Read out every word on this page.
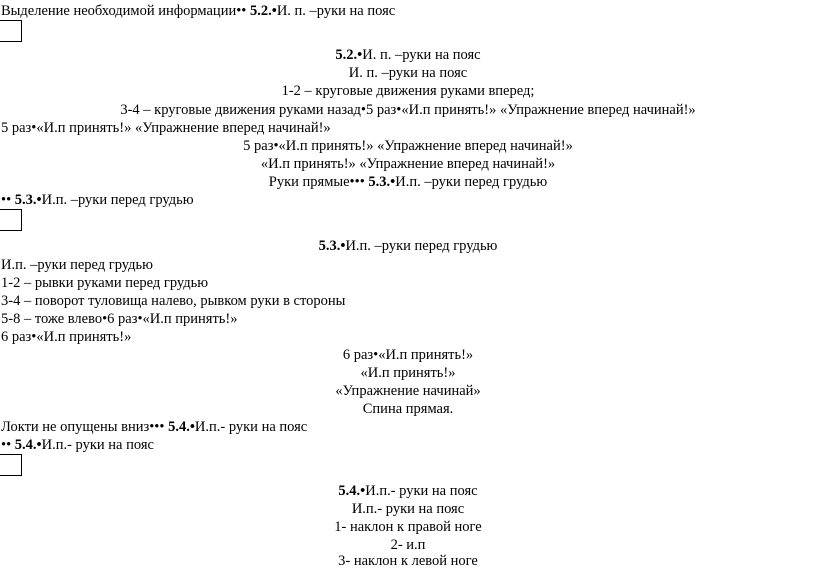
Выделение необходимой информации•• 5.2.•И. п. –руки на пояс
5.2.•И. п. –руки на пояс
И. п. –руки на пояс
1-2 – круговые движения руками вперед;
3-4 – круговые движения руками назад•5 раз•«И.п принять!» «Упражнение вперед начинай!»
5 раз•«И.п принять!» «Упражнение вперед начинай!»
5 раз•«И.п принять!» «Упражнение вперед начинай!»
«И.п принять!» «Упражнение вперед начинай!»
Руки прямые••• 5.3.•И.п. –руки перед грудью
•• 5.3.•И.п. –руки перед грудью
5.3.•И.п. –руки перед грудью
И.п. –руки перед грудью
1-2 – рывки руками перед грудью
3-4 – поворот туловища налево, рывком руки в стороны
5-8 – тоже влево•6 раз•«И.п принять!»
6 раз•«И.п принять!»
6 раз•«И.п принять!»
«И.п принять!»
«Упражнение начинай»
Спина прямая.
Локти не опущены вниз••• 5.4.•И.п.- руки на пояс
•• 5.4.•И.п.- руки на пояс
5.4.•И.п.- руки на пояс
И.п.- руки на пояс
1- наклон к правой ноге
2- и.п
3- наклон к левой ноге
